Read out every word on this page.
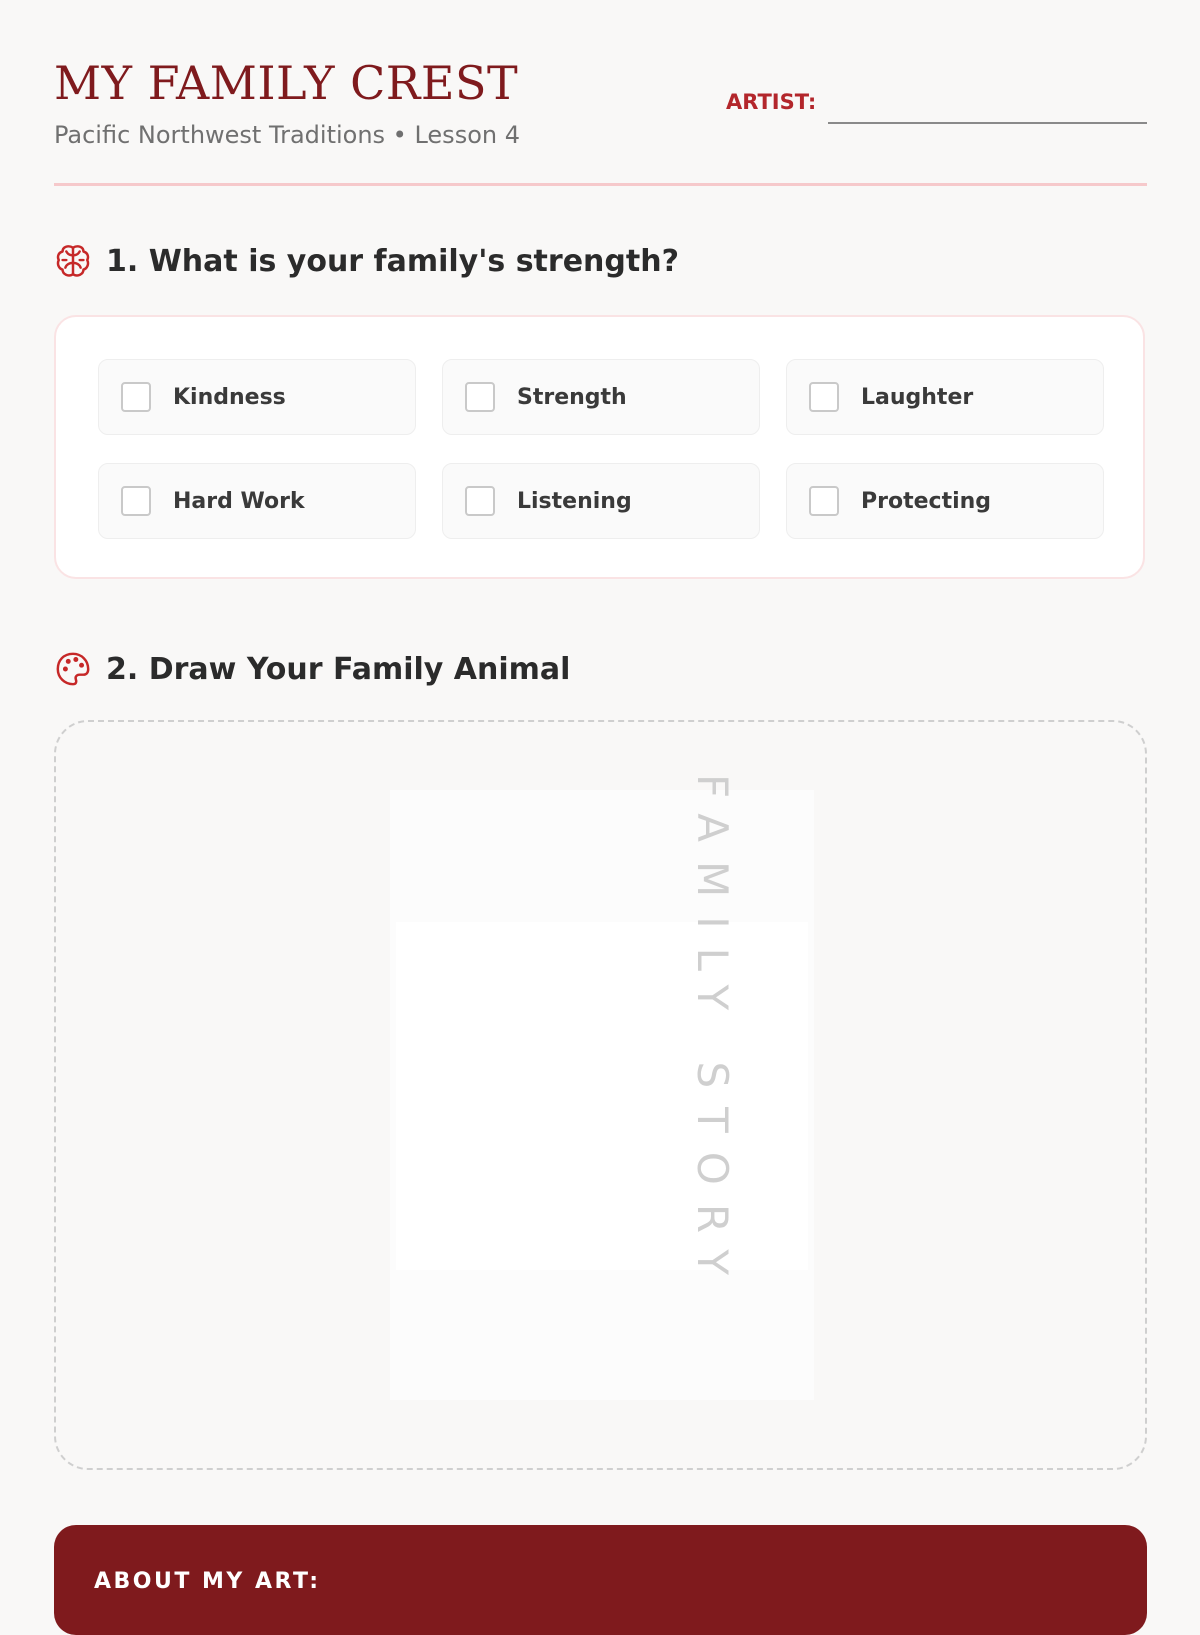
MY FAMILY CREST
Pacific Northwest Traditions • Lesson 4
ARTIST:
1. What is your family's strength?
Kindness	Strength	Laughter
Hard Work	Listening	Protecting
2. Draw Your Family Animal
FAMILY STORY
ABOUT MY ART:
